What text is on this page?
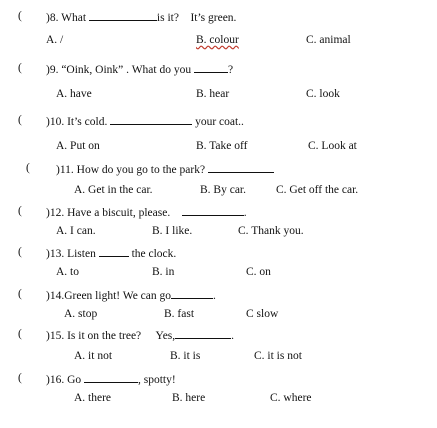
( )8. What	is it? It’s green.
A. /	B. colour	C. animal
( )9. “Oink, Oink” . What do you	?
A. have	B. hear	C. look
( )10. It’s cold.	your coat..
A. Put on	B. Take off	C. Look at
( )11. How do you go to the park?
A. Get in the car.	B. By car.	C. Get off the car.
( )12. Have a biscuit, please.	.
A. I can.	B. I like.	C. Thank you.
( )13. Listen	the clock.
A. to	B. in	C. on
( )14.Green light! We can go	.
A. stop	B. fast	C slow
( )15. Is it on the tree? Yes,	.
A. it not	B. it is	C. it is not
( )16. Go	, spotty!
A. there	B. here	C. where
